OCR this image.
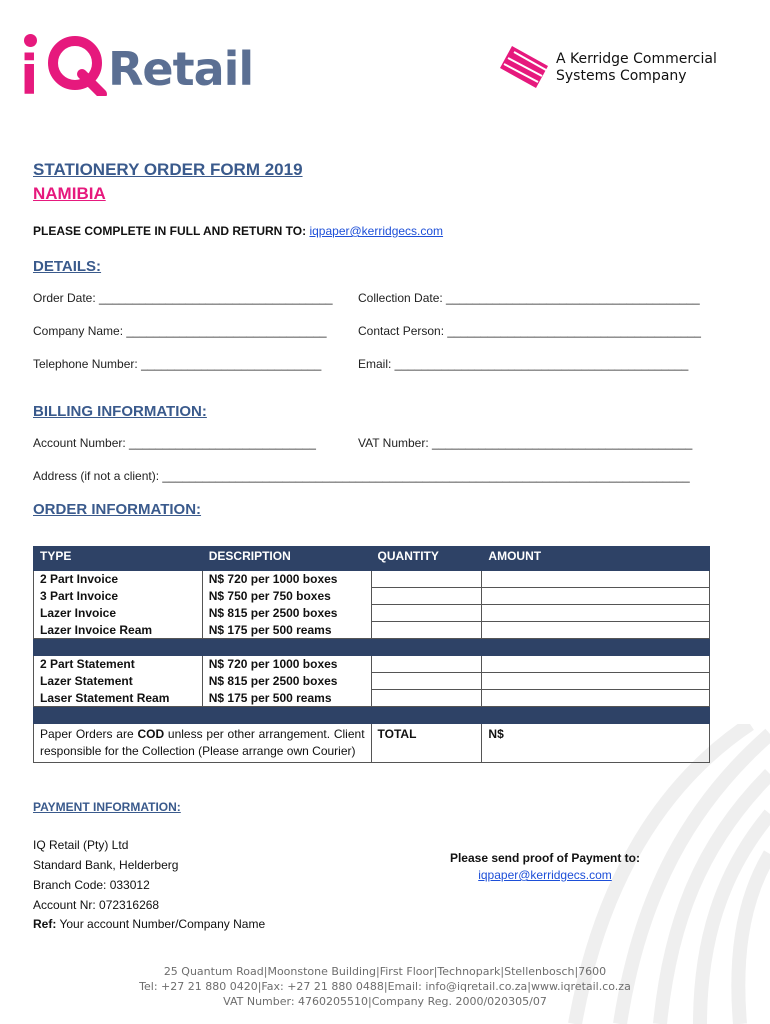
i Retail	A Kerridge Commercial
Systems Company
STATIONERY ORDER FORM 2019
NAMIBIA
PLEASE COMPLETE IN FULL AND RETURN TO: iqpaper@kerridgecs.com
DETAILS:
Order Date: ___________________________________ Collection Date: ______________________________________
Company Name: ______________________________	Contact Person: ______________________________________
Telephone Number: ___________________________	Email: ____________________________________________
BILLING INFORMATION:
Account Number: ____________________________	VAT Number: _______________________________________
Address (if not a client): _______________________________________________________________________________
ORDER INFORMATION:
TYPE	DESCRIPTION	QUANTITY	AMOUNT
2 Part Invoice	N$ 720 per 1000 boxes		
3 Part Invoice	N$ 750 per 750 boxes		
Lazer Invoice	N$ 815 per 2500 boxes		
Lazer Invoice Ream	N$ 175 per 500 reams		

2 Part Statement	N$ 720 per 1000 boxes		
Lazer Statement	N$ 815 per 2500 boxes		
Laser Statement Ream	N$ 175 per 500 reams		

Paper Orders are COD unless per other arrangement. Client responsible for the Collection (Please arrange own Courier)		TOTAL	N$
PAYMENT INFORMATION:
IQ Retail (Pty) Ltd
Standard Bank, Helderberg
Branch Code: 033012
Account Nr: 072316268
Ref: Your account Number/Company Name
Please send proof of Payment to:
iqpaper@kerridgecs.com
25 Quantum Road|Moonstone Building|First Floor|Technopark|Stellenbosch|7600
Tel: +27 21 880 0420|Fax: +27 21 880 0488|Email: info@iqretail.co.za|www.iqretail.co.za
VAT Number: 4760205510|Company Reg. 2000/020305/07
